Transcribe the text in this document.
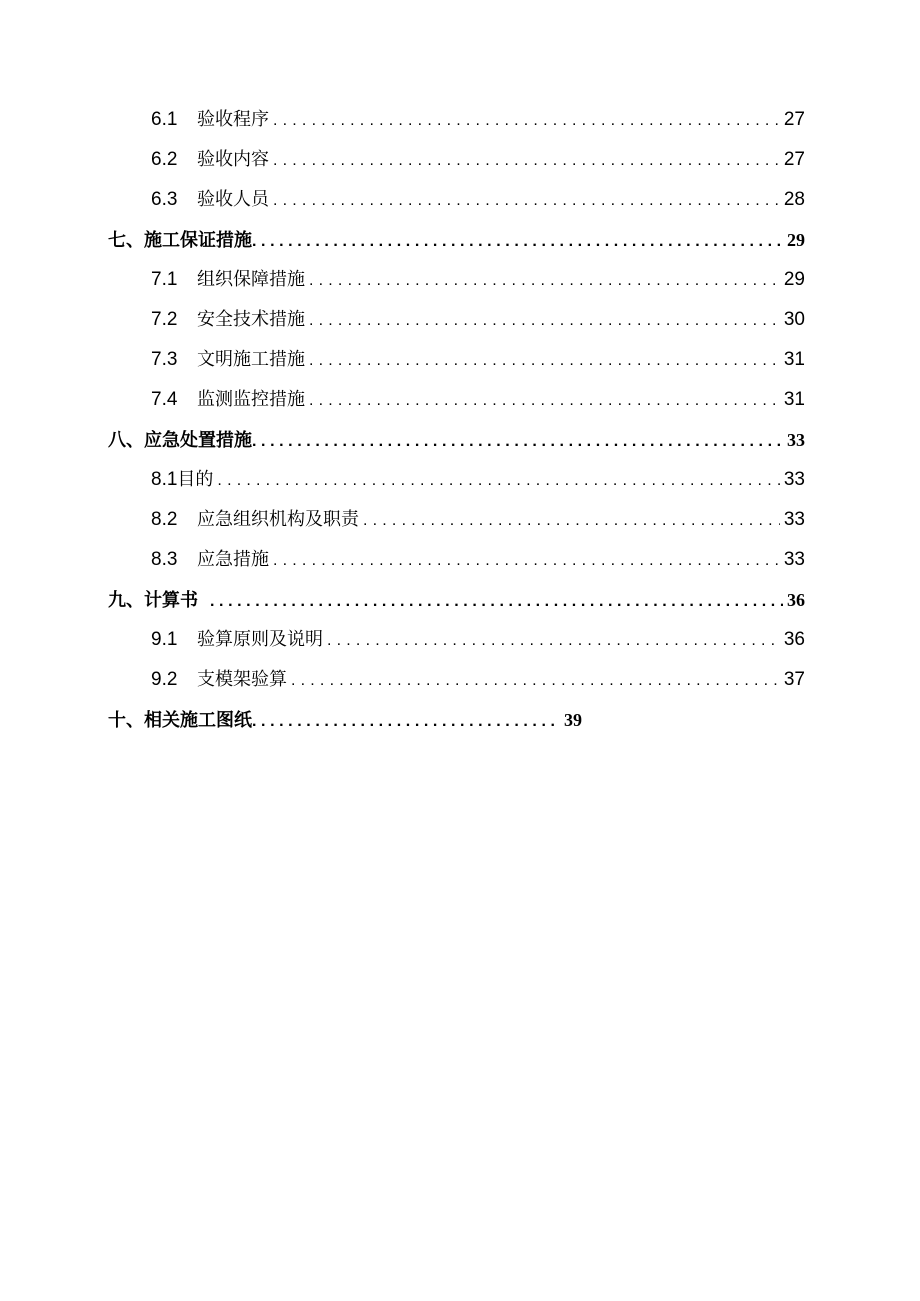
6.1	验收程序 .....	27
6.2	验收内容 .....	27
6.3	验收人员 .....	28
七、施工保证措施 .....	29
7.1	组织保障措施 .....	29
7.2	安全技术措施 .....	30
7.3	文明施工措施 .....	31
7.4	监测监控措施 .....	31
八、应急处置措施 .....	33
8.1 目的 .....	33
8.2	应急组织机构及职责 .....	33
8.3	应急措施 .....	33
九、计算书 .....	36
9.1	验算原则及说明 .....	36
9.2	支模架验算 .....	37
十、相关施工图纸 .....	39
